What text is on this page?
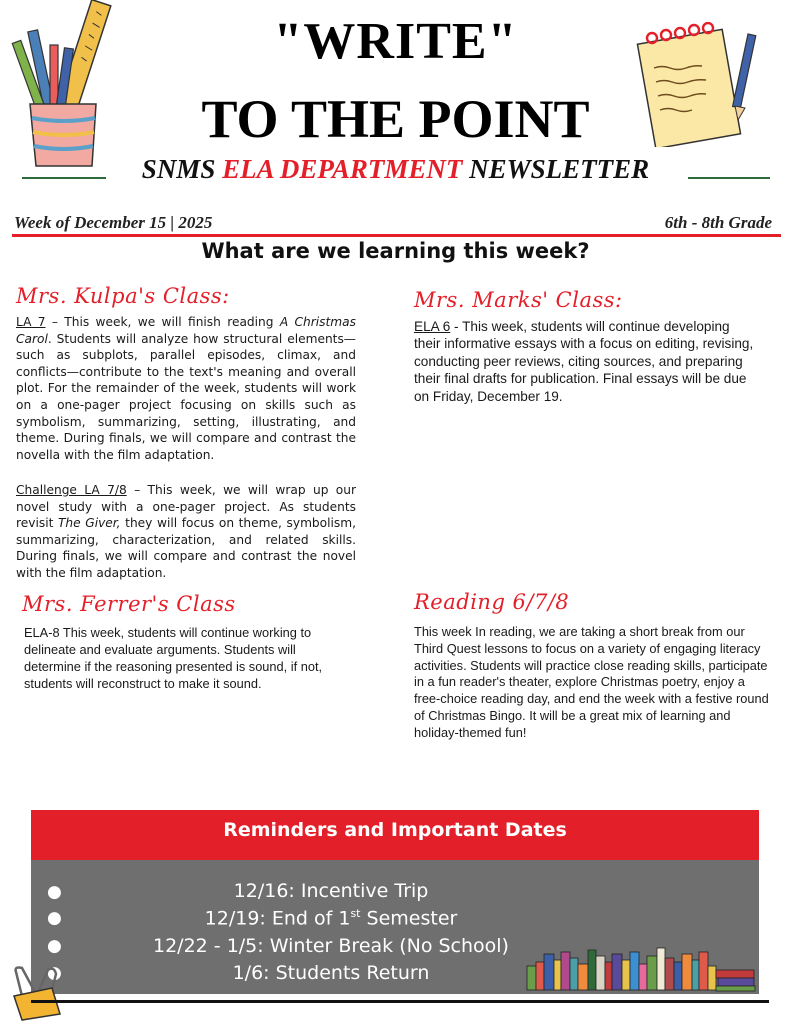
"WRITE"
TO THE POINT
SNMS ELA DEPARTMENT NEWSLETTER
Week of December 15 | 2025	6th - 8th Grade
What are we learning this week?
Mrs. Kulpa's Class:
LA 7 – This week, we will finish reading A Christmas Carol. Students will analyze how structural elements—such as subplots, parallel episodes, climax, and conflicts—contribute to the text's meaning and overall plot. For the remainder of the week, students will work on a one-pager project focusing on skills such as symbolism, summarizing, setting, illustrating, and theme. During finals, we will compare and contrast the novella with the film adaptation.
Challenge LA 7/8 – This week, we will wrap up our novel study with a one-pager project. As students revisit The Giver, they will focus on theme, symbolism, summarizing, characterization, and related skills. During finals, we will compare and contrast the novel with the film adaptation.
Mrs. Marks' Class:
ELA 6 - This week, students will continue developing their informative essays with a focus on editing, revising, conducting peer reviews, citing sources, and preparing their final drafts for publication. Final essays will be due on Friday, December 19.
Mrs. Ferrer's Class
ELA-8 This week, students will continue working to delineate and evaluate arguments. Students will determine if the reasoning presented is sound, if not, students will reconstruct to make it sound.
Reading 6/7/8
This week In reading, we are taking a short break from our Third Quest lessons to focus on a variety of engaging literacy activities. Students will practice close reading skills, participate in a fun reader's theater, explore Christmas poetry, enjoy a free-choice reading day, and end the week with a festive round of Christmas Bingo. It will be a great mix of learning and holiday-themed fun!
Reminders and Important Dates
●	12/16: Incentive Trip
●	12/19: End of 1st Semester
●	12/22 - 1/5: Winter Break (No School)
●	1/6: Students Return
